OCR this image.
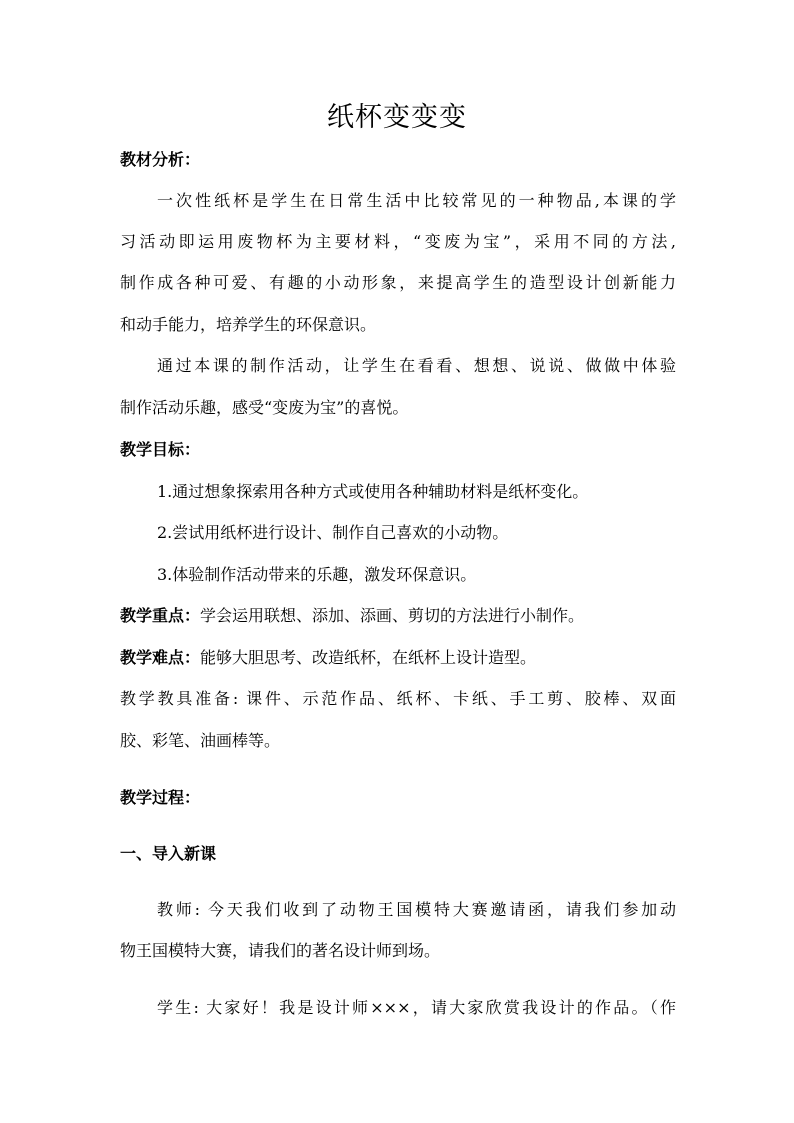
纸杯变变变
教材分析：
一次性纸杯是学生在日常生活中比较常见的一种物品,本课的学
习活动即运用废物杯为主要材料，“变废为宝”，采用不同的方法,
制作成各种可爱、有趣的小动形象，来提高学生的造型设计创新能力
和动手能力，培养学生的环保意识。
通过本课的制作活动，让学生在看看、想想、说说、做做中体验
制作活动乐趣，感受“变废为宝”的喜悦。
教学目标：
1.通过想象探索用各种方式或使用各种辅助材料是纸杯变化。
2.尝试用纸杯进行设计、制作自己喜欢的小动物。
3.体验制作活动带来的乐趣，激发环保意识。
教学重点：学会运用联想、添加、添画、剪切的方法进行小制作。
教学难点：能够大胆思考、改造纸杯，在纸杯上设计造型。
教学教具准备: 课件、示范作品、纸杯、卡纸、手工剪、胶棒、双面
胶、彩笔、油画棒等。
教学过程：
一、导入新课
教师: 今天我们收到了动物王国模特大赛邀请函，请我们参加动
物王国模特大赛，请我们的著名设计师到场。
学生: 大家好！我是设计师×××，请大家欣赏我设计的作品。（作
